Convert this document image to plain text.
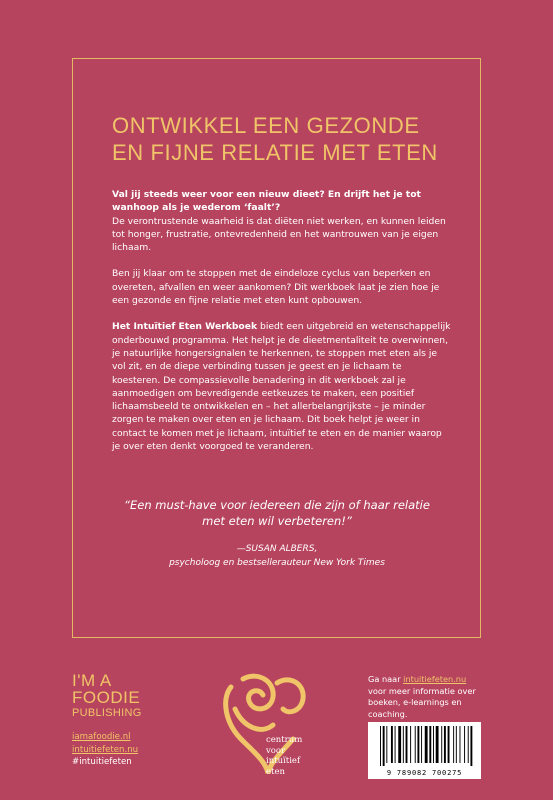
ONTWIKKEL EEN GEZONDE
EN FIJNE RELATIE MET ETEN

Val jij steeds weer voor een nieuw dieet? En drijft het je tot wanhoop als je wederom ‘faalt’?
De verontrustende waarheid is dat diëten niet werken, en kunnen leiden tot honger, frustratie, ontevredenheid en het wantrouwen van je eigen lichaam.

Ben jij klaar om te stoppen met de eindeloze cyclus van beperken en overeten, afvallen en weer aankomen? Dit werkboek laat je zien hoe je een gezonde en fijne relatie met eten kunt opbouwen.

Het Intuïtief Eten Werkboek biedt een uitgebreid en wetenschappelijk onderbouwd programma. Het helpt je de dieetmentaliteit te overwinnen, je natuurlijke hongersignalen te herkennen, te stoppen met eten als je vol zit, en de diepe verbinding tussen je geest en je lichaam te koesteren. De compassievolle benadering in dit werkboek zal je aanmoedigen om bevredigende eetkeuzes te maken, een positief lichaamsbeeld te ontwikkelen en – het allerbelangrijkste – je minder zorgen te maken over eten en je lichaam. Dit boek helpt je weer in contact te komen met je lichaam, intuïtief te eten en de manier waarop je over eten denkt voorgoed te veranderen.

“Een must-have voor iedereen die zijn of haar relatie met eten wil verbeteren!”
—SUSAN ALBERS,
psycholoog en bestsellerauteur New York Times
I'M A
FOODIE
PUBLISHING
iamafoodie.nl
intuitiefeten.nu
#intuitiefeten
centrum
voor
intuïtief
eten
Ga naar intuitiefeten.nu voor meer informatie over boeken, e-learnings en coaching.
9 789082 700275
